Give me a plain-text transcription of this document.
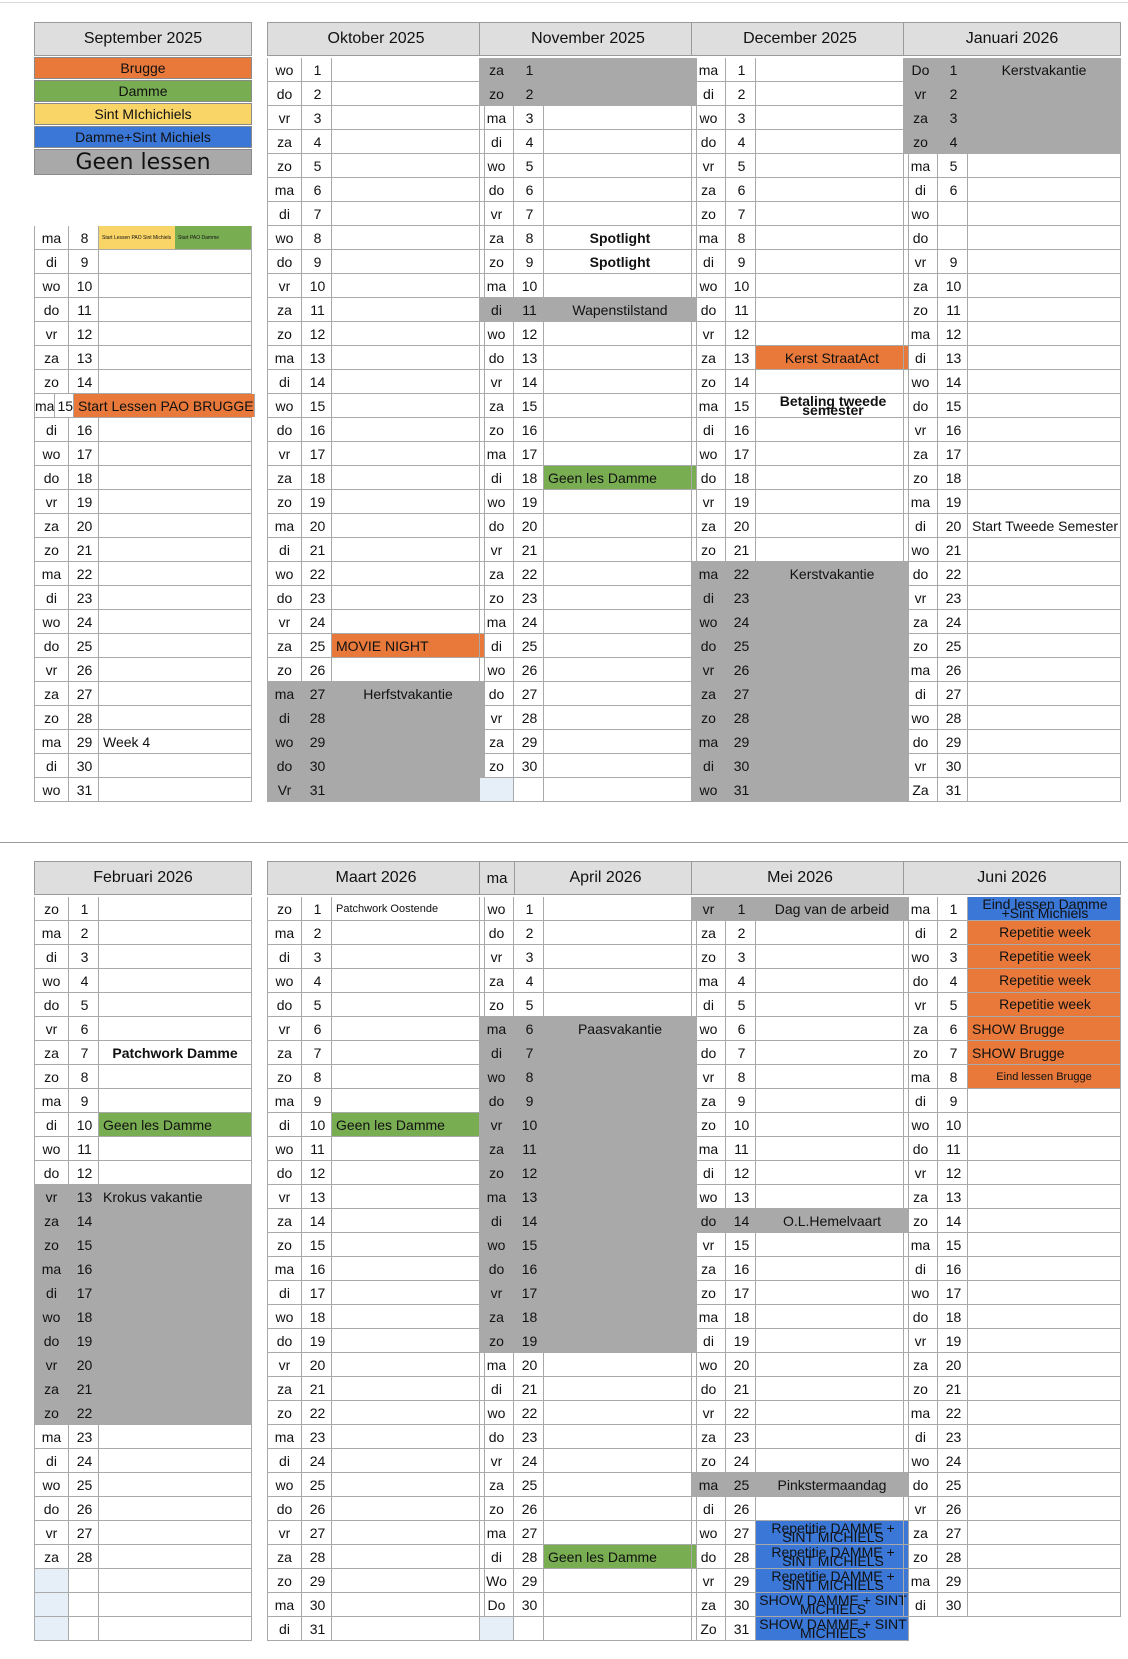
September 2025
Brugge
Damme
Sint MIchichiels
Damme+Sint Michiels
Geen lessen
ma	8	Start Lessen PAO Sint Michiels	Start PAO Damme
di	9
wo	10
do	11
vr	12
za	13
zo	14
ma 15 Start Lessen PAO BRUGGE
di	16
wo	17
do	18
vr	19
za	20
zo	21
ma	22
di	23
wo	24
do	25
vr	26
za	27
zo	28
ma	29 Week 4
di	30
wo	31
Oktober 2025
wo	1
do	2
vr	3
za	4
zo	5
ma	6
di	7
wo	8
do	9
vr	10
za	11
zo	12
ma	13
di	14
wo	15
do	16
vr	17
za	18
zo	19
ma	20
di	21
wo	22
do	23
vr	24
za	25 MOVIE NIGHT
zo	26
ma	27	Herfstvakantie
di	28
wo	29
do	30
Vr	31
November 2025
za	1
zo	2
ma	3
di	4
wo	5
do	6
vr	7
za	8	Spotlight
zo	9	Spotlight
ma	10
di	11	Wapenstilstand
wo	12
do	13
vr	14
za	15
zo	16
ma	17
di	18 Geen les Damme
wo	19
do	20
vr	21
za	22
zo	23
ma	24
di	25
wo	26
do	27
vr	28
za	29
zo	30
December 2025
ma	1
di	2
wo	3
do	4
vr	5
za	6
zo	7
ma	8
di	9
wo	10
do	11
vr	12
za	13	Kerst StraatAct
zo	14
ma	15	Betaling tweede semester
di	16
wo	17
do	18
vr	19
za	20
zo	21
ma	22	Kerstvakantie
di	23
wo	24
do	25
vr	26
za	27
zo	28
ma	29
di	30
wo	31
Januari 2026
Do	1	Kerstvakantie
vr	2
za	3
zo	4
ma	5
di	6
wo
do
vr	9
za	10
zo	11
ma	12
di	13
wo	14
do	15
vr	16
za	17
zo	18
ma	19
di	20 Start Tweede Semester
wo	21
do	22
vr	23
za	24
zo	25
ma	26
di	27
wo	28
do	29
vr	30
Za	31
Februari 2026
zo	1
ma	2
di	3
wo	4
do	5
vr	6
za	7	Patchwork Damme
zo	8
ma	9
di	10 Geen les Damme
wo	11
do	12
vr	13 Krokus vakantie
za	14
zo	15
ma	16
di	17
wo	18
do	19
vr	20
za	21
zo	22
ma	23
di	24
wo	25
do	26
vr	27
za	28
Maart 2026
zo	1	Patchwork Oostende
ma	2
di	3
wo	4
do	5
vr	6
za	7
zo	8
ma	9
di	10 Geen les Damme
wo	11
do	12
vr	13
za	14
zo	15
ma	16
di	17
wo	18
do	19
vr	20
za	21
zo	22
ma	23
di	24
wo	25
do	26
vr	27
za	28
zo	29
ma	30
di	31
ma	April 2026
wo	1
do	2
vr	3
za	4
zo	5
ma	6	Paasvakantie
di	7
wo	8
do	9
vr	10
za	11
zo	12
ma	13
di	14
wo	15
do	16
vr	17
za	18
zo	19
ma	20
di	21
wo	22
do	23
vr	24
za	25
zo	26
ma	27
di	28 Geen les Damme
Wo	29
Do	30
Mei 2026
vr	1	Dag van de arbeid
za	2
zo	3
ma	4
di	5
wo	6
do	7
vr	8
za	9
zo	10
ma	11
di	12
wo	13
do	14	O.L.Hemelvaart
vr	15
za	16
zo	17
ma	18
di	19
wo	20
do	21
vr	22
za	23
zo	24
ma	25	Pinkstermaandag
di	26
wo	27	Repetitie DAMME + SINT MICHIELS
do	28	Repetitie DAMME + SINT MICHIELS
vr	29	Repetitie DAMME + SINT MICHIELS
za	30 SHOW DAMME + SINT MICHIELS
Zo	31 SHOW DAMME + SINT MICHIELS
Juni 2026
ma	1	Eind lessen Damme +Sint Michiels
di	2	Repetitie week
wo	3	Repetitie week
do	4	Repetitie week
vr	5	Repetitie week
za	6	SHOW Brugge
zo	7	SHOW Brugge
ma	8	Eind lessen Brugge
di	9
wo	10
do	11
vr	12
za	13
zo	14
ma	15
di	16
wo	17
do	18
vr	19
za	20
zo	21
ma	22
di	23
wo	24
do	25
vr	26
za	27
zo	28
ma	29
di	30
